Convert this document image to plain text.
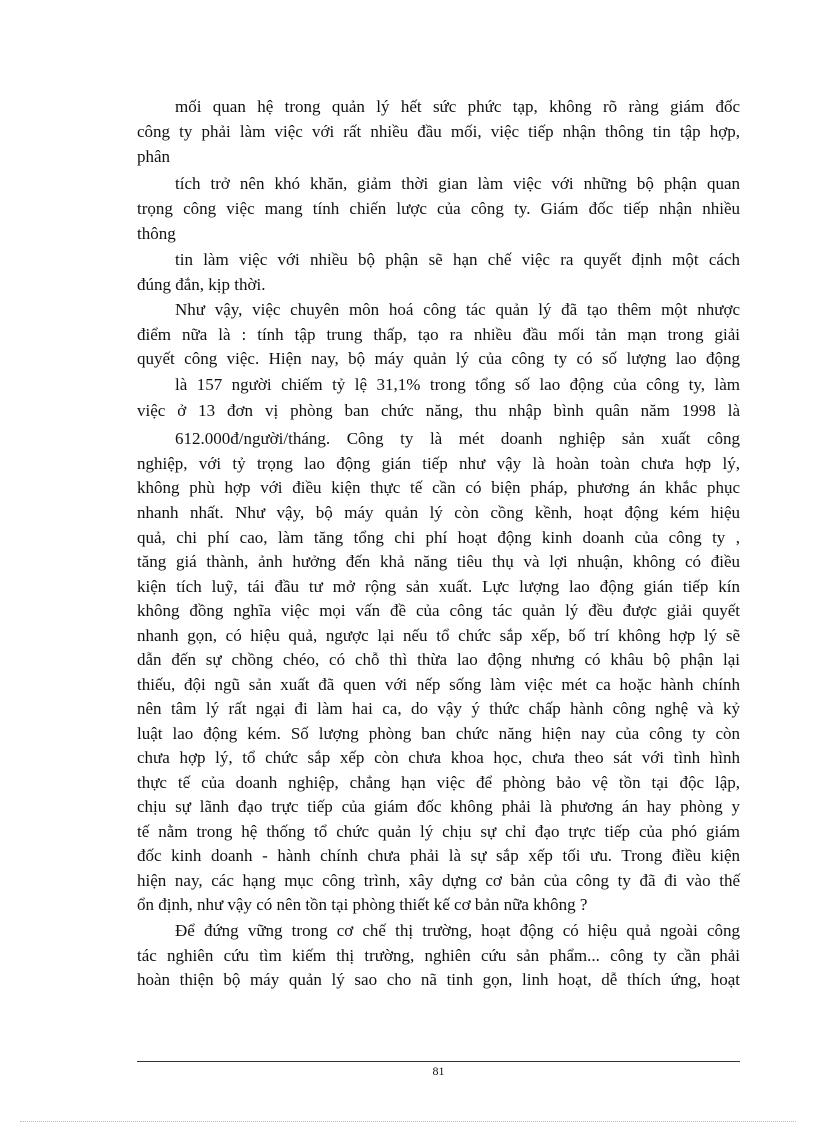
mối quan hệ trong quản lý hết sức phức tạp, không rõ ràng giám đốc
công ty phải làm việc với rất nhiều đầu mối, việc tiếp nhận thông tin tập hợp,
phân
tích trở nên khó khăn, giảm thời gian làm việc với những bộ phận quan
trọng công việc mang tính chiến lược của công ty. Giám đốc tiếp nhận nhiều
thông
tin làm việc với nhiều bộ phận sẽ hạn chế việc ra quyết định một cách
đúng đắn, kịp thời.
Như vậy, việc chuyên môn hoá công tác quản lý đã tạo thêm một nhược
điểm nữa là : tính tập trung thấp, tạo ra nhiều đầu mối tản mạn trong giải
quyết công việc. Hiện nay, bộ máy quản lý của công ty có số lượng lao động
là 157 người chiếm tỷ lệ 31,1% trong tổng số lao động của công ty, làm
việc ở 13 đơn vị phòng ban chức năng, thu nhập bình quân năm 1998 là
612.000đ/người/tháng. Công ty là mét doanh nghiệp sản xuất công
nghiệp, với tỷ trọng lao động gián tiếp như vậy là hoàn toàn chưa hợp lý,
không phù hợp với điều kiện thực tế cần có biện pháp, phương án khắc phục
nhanh nhất. Như vậy, bộ máy quản lý còn cồng kềnh, hoạt động kém hiệu
quả, chi phí cao, làm tăng tổng chi phí hoạt động kinh doanh của công ty ,
tăng giá thành, ảnh hưởng đến khả năng tiêu thụ và lợi nhuận, không có điều
kiện tích luỹ, tái đầu tư mở rộng sản xuất. Lực lượng lao động gián tiếp kín
không đồng nghĩa việc mọi vấn đề của công tác quản lý đều được giải quyết
nhanh gọn, có hiệu quả, ngược lại nếu tổ chức sắp xếp, bố trí không hợp lý sẽ
dẫn đến sự chồng chéo, có chỗ thì thừa lao động nhưng có khâu bộ phận lại
thiếu, đội ngũ sản xuất đã quen với nếp sống làm việc mét ca hoặc hành chính
nên tâm lý rất ngại đi làm hai ca, do vậy ý thức chấp hành công nghệ và kỷ
luật lao động kém. Số lượng phòng ban chức năng hiện nay của công ty còn
chưa hợp lý, tổ chức sắp xếp còn chưa khoa học, chưa theo sát với tình hình
thực tế của doanh nghiệp, chẳng hạn việc để phòng bảo vệ tồn tại độc lập,
chịu sự lãnh đạo trực tiếp của giám đốc không phải là phương án hay phòng y
tế nằm trong hệ thống tổ chức quản lý chịu sự chỉ đạo trực tiếp của phó giám
đốc kinh doanh - hành chính chưa phải là sự sắp xếp tối ưu. Trong điều kiện
hiện nay, các hạng mục công trình, xây dựng cơ bản của công ty đã đi vào thế
ổn định, như vậy có nên tồn tại phòng thiết kế cơ bản nữa không ?
Để đứng vững trong cơ chế thị trường, hoạt động có hiệu quả ngoài công
tác nghiên cứu tìm kiếm thị trường, nghiên cứu sản phẩm... công ty cần phải
hoàn thiện bộ máy quản lý sao cho nã tinh gọn, linh hoạt, dễ thích ứng, hoạt
81
